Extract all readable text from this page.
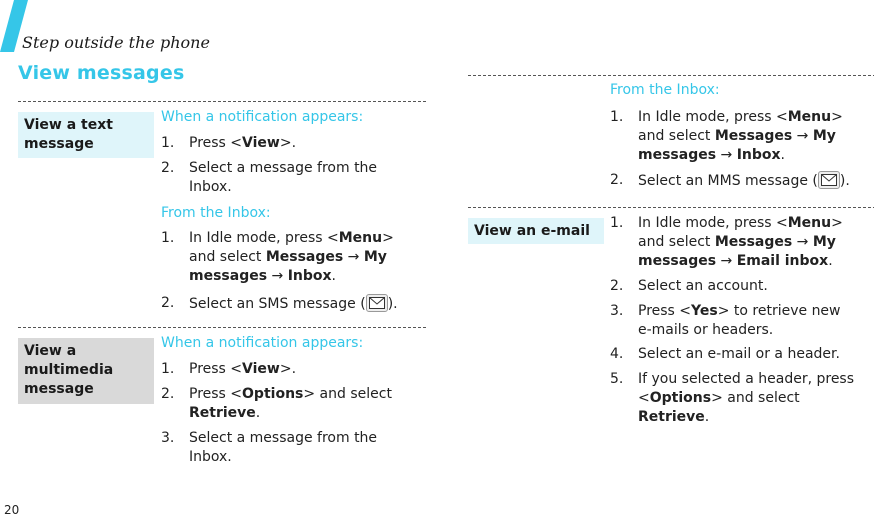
Step outside the phone
View messages
View a text message
When a notification appears:
1. Press <View>.
2. Select a message from the
Inbox.
From the Inbox:
1. In Idle mode, press <Menu>
and select Messages → My
messages → Inbox.
2. Select an SMS message ( ).
View a multimedia message
When a notification appears:
1. Press <View>.
2. Press <Options> and select
Retrieve.
3. Select a message from the
Inbox.
From the Inbox:
1. In Idle mode, press <Menu>
and select Messages → My
messages → Inbox.
2. Select an MMS message ( ).
View an e-mail	1. In Idle mode, press <Menu>
and select Messages → My
messages → Email inbox.
2. Select an account.
3. Press <Yes> to retrieve new
e-mails or headers.
4. Select an e-mail or a header.
5. If you selected a header, press
<Options> and select
Retrieve.
20
